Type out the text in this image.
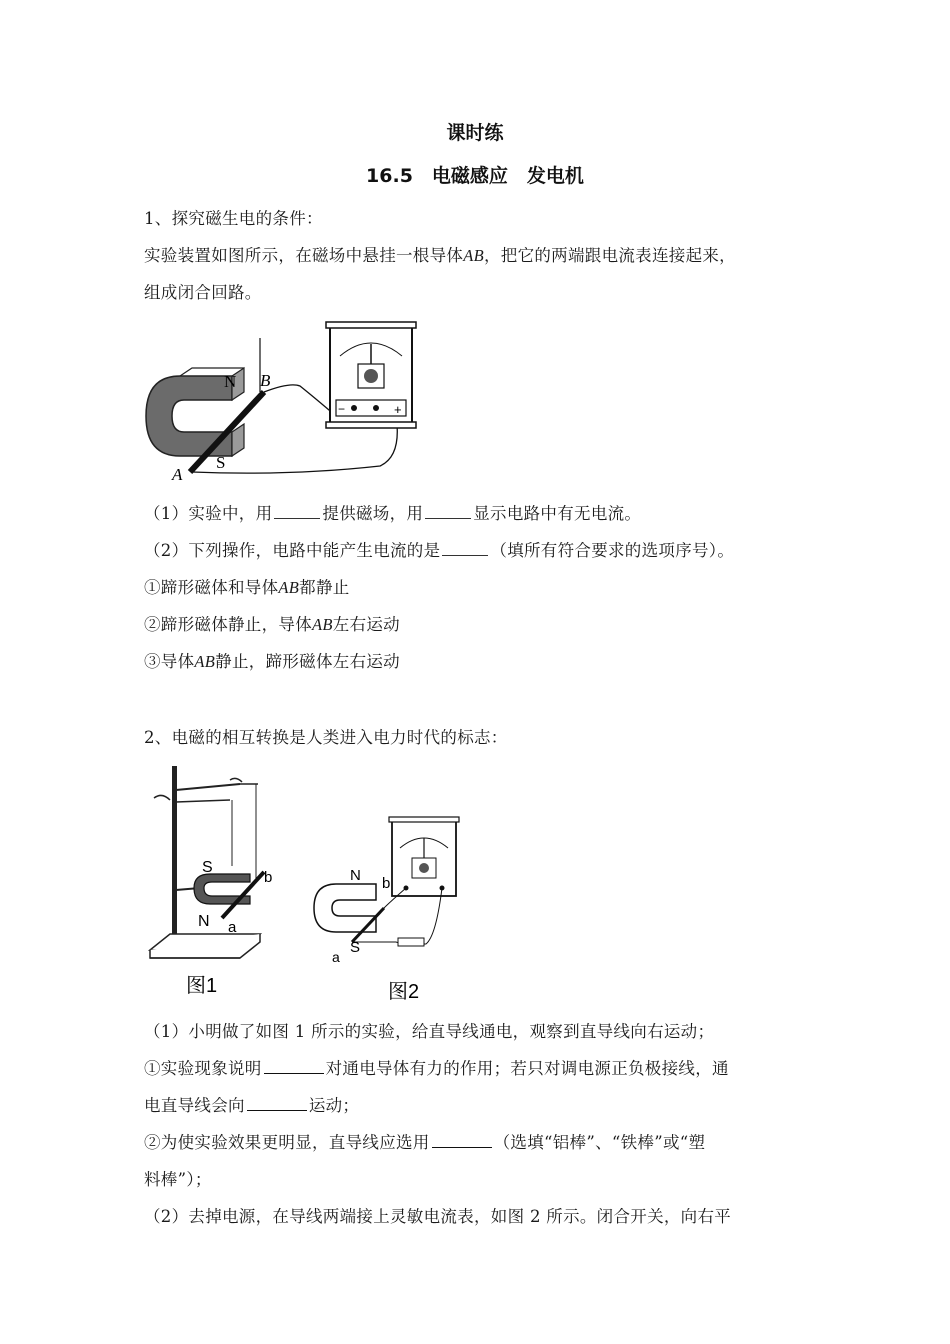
课时练
16.5　电磁感应　发电机
1、探究磁生电的条件：
实验装置如图所示，在磁场中悬挂一根导体AB，把它的两端跟电流表连接起来，
组成闭合回路。
−	+
N
S
B
A
（1）实验中，用	提供磁场，用	显示电路中有无电流。
（2）下列操作，电路中能产生电流的是	（填所有符合要求的选项序号）。
①蹄形磁体和导体AB都静止
②蹄形磁体静止，导体AB左右运动
③导体AB静止，蹄形磁体左右运动
2、电磁的相互转换是人类进入电力时代的标志：
S
N
b
a
图1
N b
S
a
图2
（1）小明做了如图 1 所示的实验，给直导线通电，观察到直导线向右运动；
①实验现象说明	对通电导体有力的作用；若只对调电源正负极接线，通
电直导线会向	运动；
②为使实验效果更明显，直导线应选用	（选填“铝棒”、“铁棒”或“塑
料棒”）；
（2）去掉电源，在导线两端接上灵敏电流表，如图 2 所示。闭合开关，向右平
